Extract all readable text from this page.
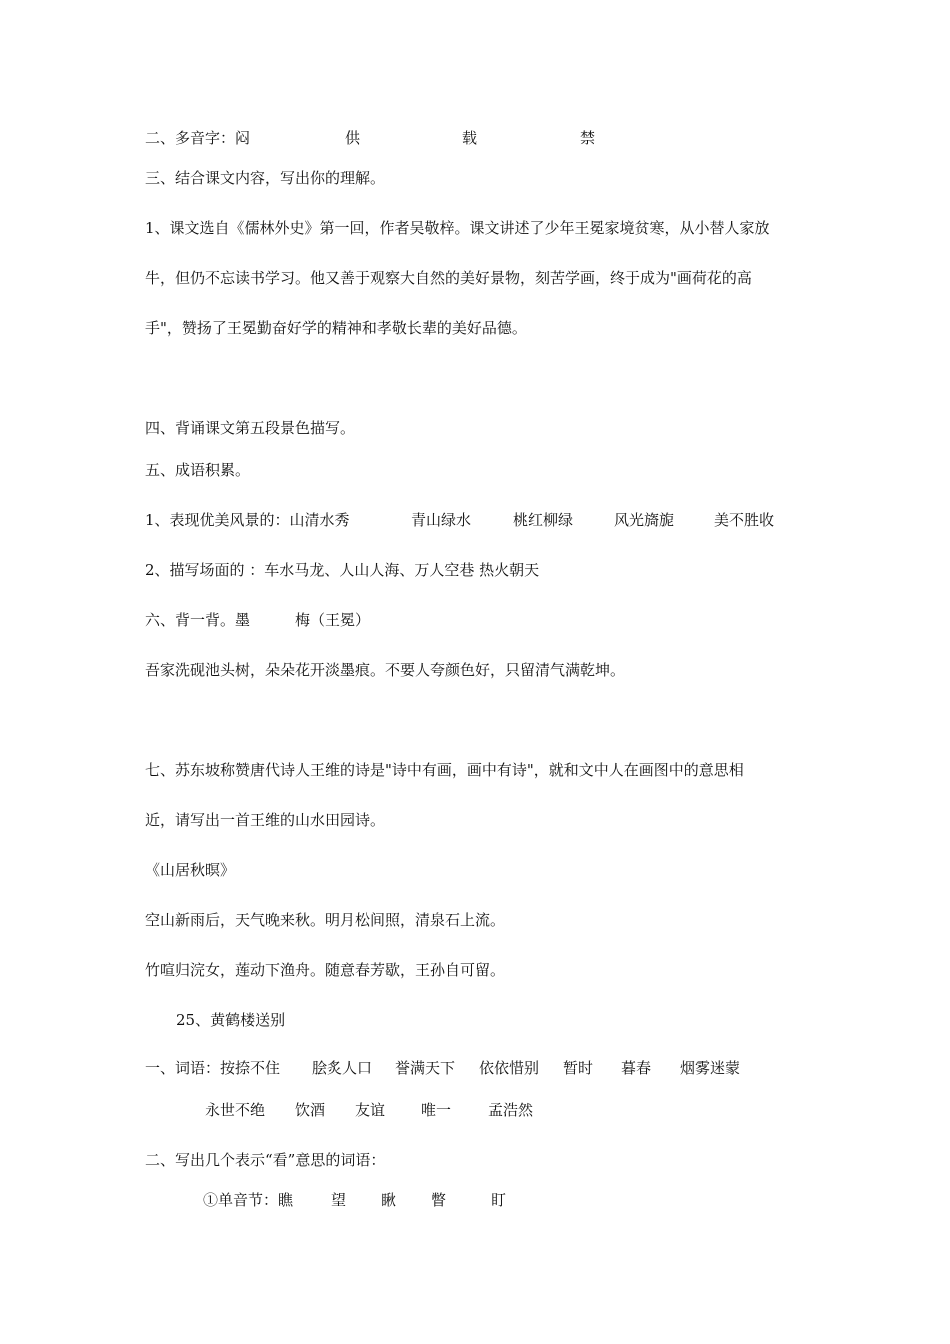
二、多音字：闷	供	载	禁
三、结合课文内容，写出你的理解。
1、课文选自《儒林外史》第一回，作者吴敬梓。课文讲述了少年王冕家境贫寒，从小替人家放
牛，但仍不忘读书学习。他又善于观察大自然的美好景物，刻苦学画，终于成为"画荷花的高
手"，赞扬了王冕勤奋好学的精神和孝敬长辈的美好品德。
四、背诵课文第五段景色描写。
五、成语积累。
1、表现优美风景的：山清水秀	青山绿水	桃红柳绿	风光旖旎	美不胜收
2、描写场面的 ：车水马龙、人山人海、万人空巷 热火朝天
六、背一背。墨	梅（王冕）
吾家洗砚池头树，朵朵花开淡墨痕。不要人夸颜色好，只留清气满乾坤。
七、苏东坡称赞唐代诗人王维的诗是"诗中有画，画中有诗"，就和文中人在画图中的意思相
近，请写出一首王维的山水田园诗。
《山居秋暝》
空山新雨后，天气晚来秋。明月松间照，清泉石上流。
竹喧归浣女，莲动下渔舟。随意春芳歇，王孙自可留。
25、黄鹤楼送别
一、词语：按捺不住 脍炙人口 誉满天下 依依惜别 暂时 暮春 烟雾迷蒙
永世不绝 饮酒 友谊 唯一 孟浩然
二、写出几个表示“看”意思的词语：
①单音节：瞧	望 瞅 瞥	盯
